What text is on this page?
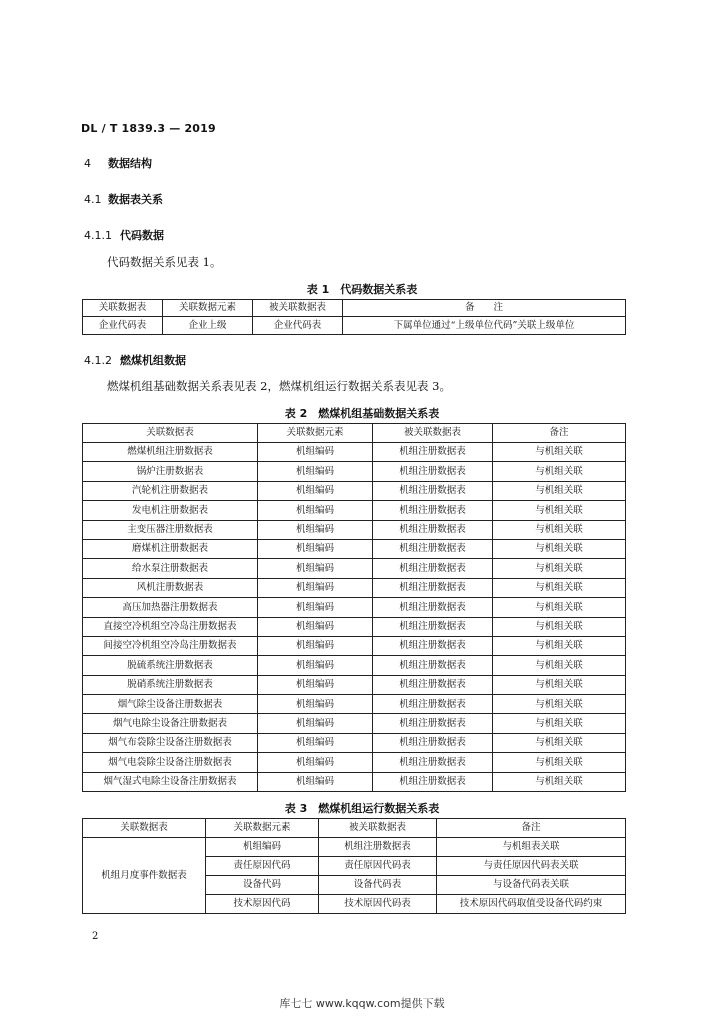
DL / T 1839.3 — 2019
4 数据结构
4.1 数据表关系
4.1.1 代码数据
代码数据关系见表 1。
表 1　代码数据关系表
关联数据表	关联数据元素	被关联数据表	备　　注
企业代码表	企业上级	企业代码表	下属单位通过“上级单位代码”关联上级单位
4.1.2 燃煤机组数据
燃煤机组基础数据关系表见表 2，燃煤机组运行数据关系表见表 3。
表 2　燃煤机组基础数据关系表
关联数据表	关联数据元素	被关联数据表	备注
燃煤机组注册数据表	机组编码	机组注册数据表	与机组关联
锅炉注册数据表	机组编码	机组注册数据表	与机组关联
汽轮机注册数据表	机组编码	机组注册数据表	与机组关联
发电机注册数据表	机组编码	机组注册数据表	与机组关联
主变压器注册数据表	机组编码	机组注册数据表	与机组关联
磨煤机注册数据表	机组编码	机组注册数据表	与机组关联
给水泵注册数据表	机组编码	机组注册数据表	与机组关联
风机注册数据表	机组编码	机组注册数据表	与机组关联
高压加热器注册数据表	机组编码	机组注册数据表	与机组关联
直接空冷机组空冷岛注册数据表	机组编码	机组注册数据表	与机组关联
间接空冷机组空冷岛注册数据表	机组编码	机组注册数据表	与机组关联
脱硫系统注册数据表	机组编码	机组注册数据表	与机组关联
脱硝系统注册数据表	机组编码	机组注册数据表	与机组关联
烟气除尘设备注册数据表	机组编码	机组注册数据表	与机组关联
烟气电除尘设备注册数据表	机组编码	机组注册数据表	与机组关联
烟气布袋除尘设备注册数据表	机组编码	机组注册数据表	与机组关联
烟气电袋除尘设备注册数据表	机组编码	机组注册数据表	与机组关联
烟气湿式电除尘设备注册数据表	机组编码	机组注册数据表	与机组关联
表 3　燃煤机组运行数据关系表
关联数据表	关联数据元素	被关联数据表	备注
机组月度事件数据表	机组编码	机组注册数据表	与机组表关联
	责任原因代码	责任原因代码表	与责任原因代码表关联
	设备代码	设备代码表	与设备代码表关联
	技术原因代码	技术原因代码表	技术原因代码取值受设备代码约束
2
库七七 www.kqqw.com提供下载
